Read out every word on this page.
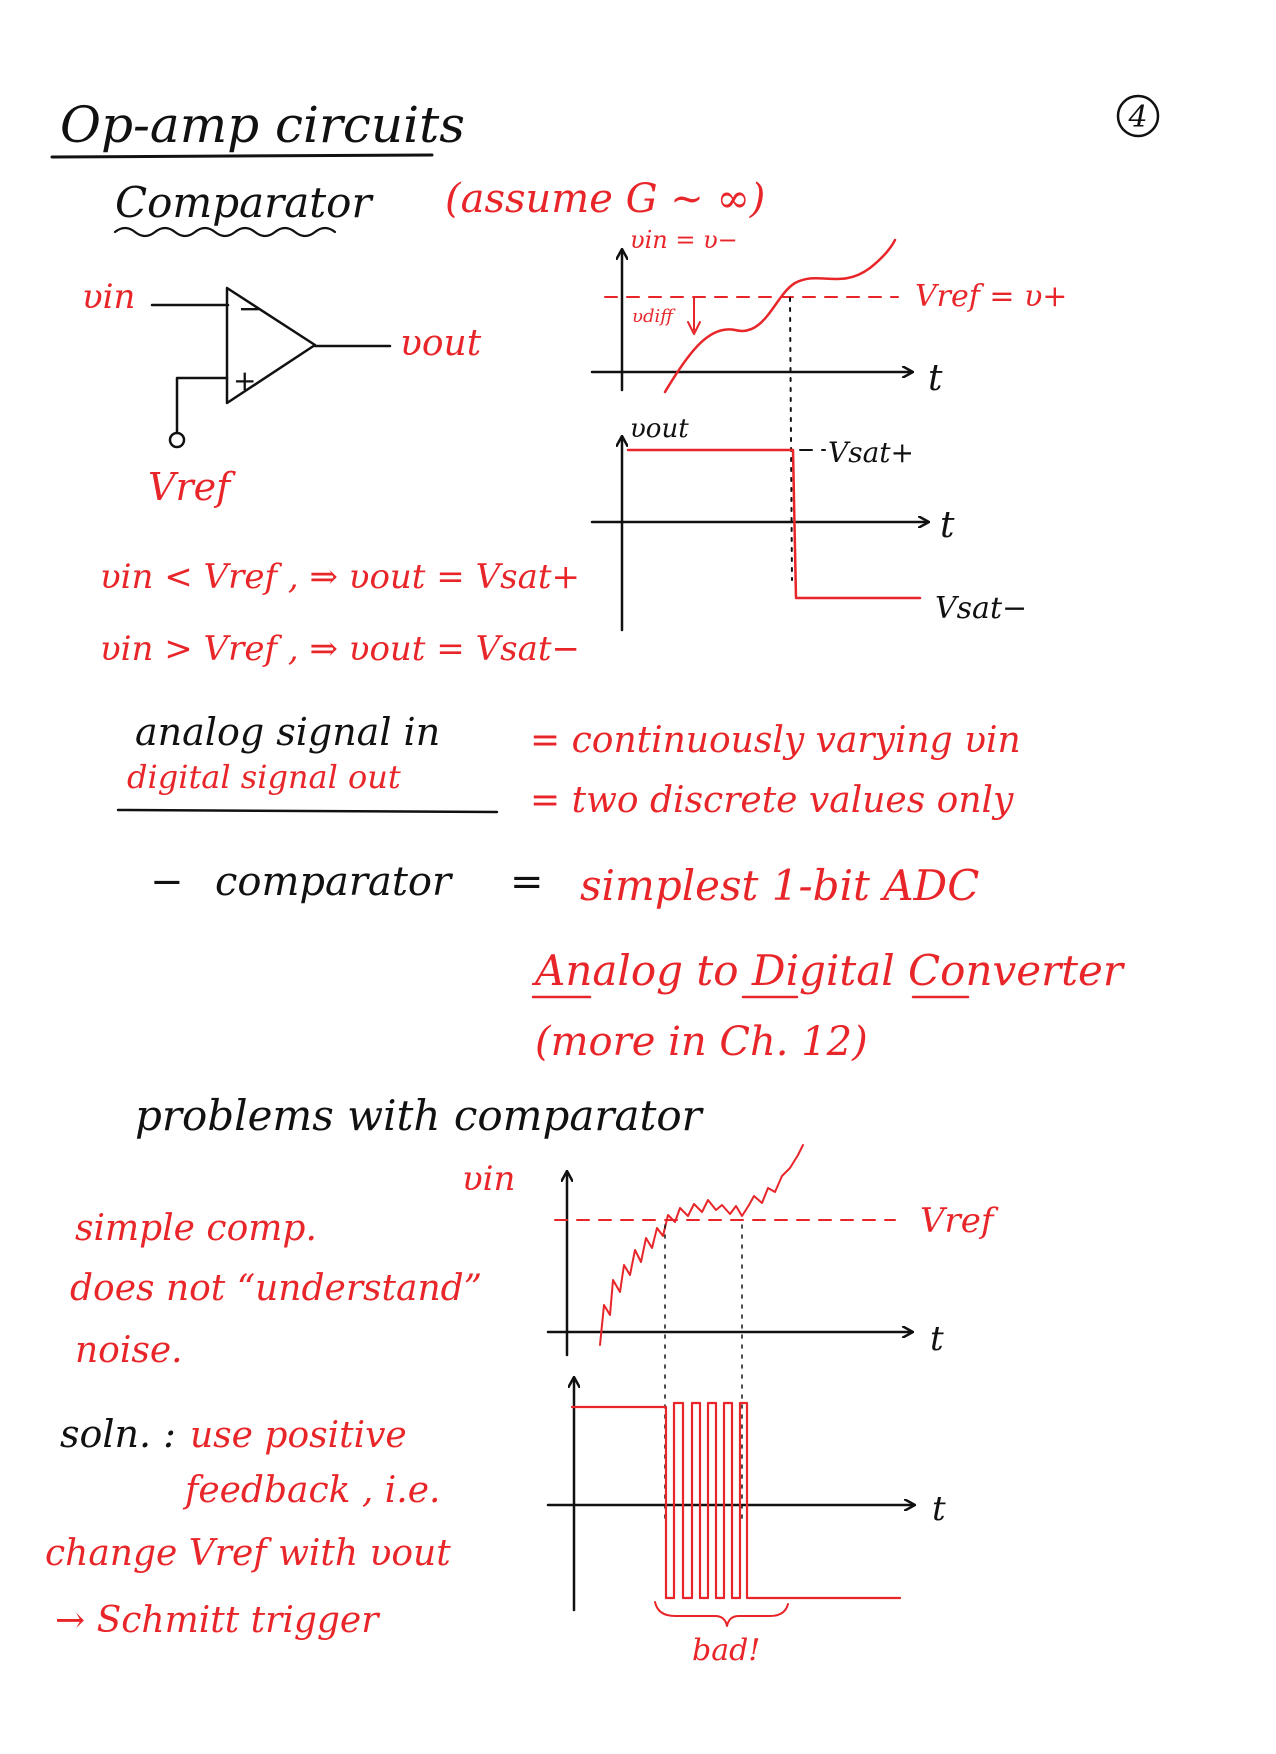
4
Op-amp circuits
Comparator (assume G ~ ∞)
υin	−
+
υout
Vref
υin = υ−
t
Vref = υ+
υdiff
υout
t
Vsat+
Vsat−
υin < Vref , ⇒ υout = Vsat+
υin > Vref , ⇒ υout = Vsat−
analog signal in = continuously varying υin
digital signal out
= two discrete values only
− comparator = simplest 1-bit ADC
Analog to Digital Converter
(more in Ch. 12)
problems with comparator
simple comp.
does not “understand”
noise.
soln. : use positive
feedback , i.e.
change Vref with υout
→ Schmitt trigger
υin
t
Vref
t
bad!
